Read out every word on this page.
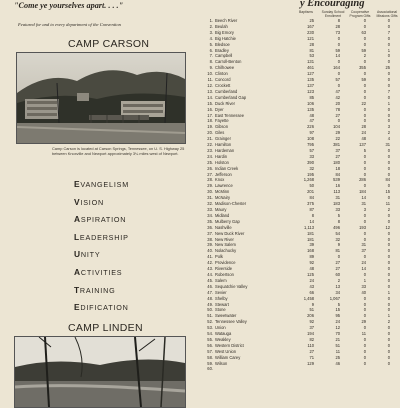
"Come ye yourselves apart. . . ."
Featured for and to every department of the Convention
CAMP CARSON
Camp Carson is located at Carson Springs, Tennessee, on U. S. Highway 25 between Knoxville and Newport approximately 3¼ miles west of Newport.
EVANGELISM
VISION
ASPIRATION
LEADERSHIP
UNITY
ACTIVITIES
TRAINING
EDIFICATION
CAMP LINDEN
y Encouraging
Baptisms	Sunday School Enrollment
Cooperative Program Gifts
Associational Missions Gifts
1. Beech River	25	8	0	0
2. Beulah	167	28	0	0
3. Big Emory	230	73	63	7
4. Big Hatchie	121	0	0	0
5. Bledsoe	28	0	0	0
6. Bradley	81	59	59	1
7. Campbell	53	14	2	0
8. Carroll-Benton	131	0	0	0
9. Chilhowee	461	164	355	25
10. Clinton	127	0	0	0
11. Concord	135	57	59	0
12. Crockett	137	0	0	0
13. Cumberland	123	47	0	7
14. Cumberland Gap	85	42	0	0
15. Duck River	106	20	22	1
16. Dyer	135	78	0	0
17. East Tennessee	48	27	0	0
18. Fayette	47	0	0	0
19. Gibson	226	104	28	3
20. Giles	97	29	24	2
21. Grainger	108	22	48	4
22. Hamilton	795	381	137	31
23. Hardeman	57	37	5	0
24. Hardin	33	27	0	0
25. Holston	390	180	0	0
26. Indian Creek	32	18	0	0
27. Jefferson	195	84	0	0
28. Knox	1,268	539	286	84
29. Lawrence	50	16	0	0
30. McMinn	201	113	184	15
31. McNairy	84	31	14	0
32. Madison-Chester	375	183	31	11
33. Maury	87	33	3	2
34. Midland	8	5	0	0
35. Mulberry Gap	14	8	0	0
36. Nashville	1,113	496	193	12
37. New Duck River	181	54	0	0
38. New River	181	32	0	0
39. New Salem	39	9	31	0
40. Nolachucky	168	81	37	0
41. Polk	89	0	0	0
42. Providence	92	27	24	0
43. Riverside	48	27	14	0
44. Robertson	125	60	0	0
45. Salem	24	2	1	0
46. Sequatchie Valley	43	13	33	0
47. Sevier	66	34	40	1
48. Shelby	1,458	1,067	0	0
49. Stewart	9	5	0	0
50. Stone	51	15	0	0
51. Sweetwater	206	95	0	1
52. Tennessee Valley	92	24	29	2
53. Union	37	12	0	0
54. Watauga	194	70	11	0
55. Weakley	82	21	0	0
56. Western District	110	51	0	0
57. West Union	27	11	0	0
58. William Carey	71	25	0	0
59. Wilson	129	46	0	0
60.
